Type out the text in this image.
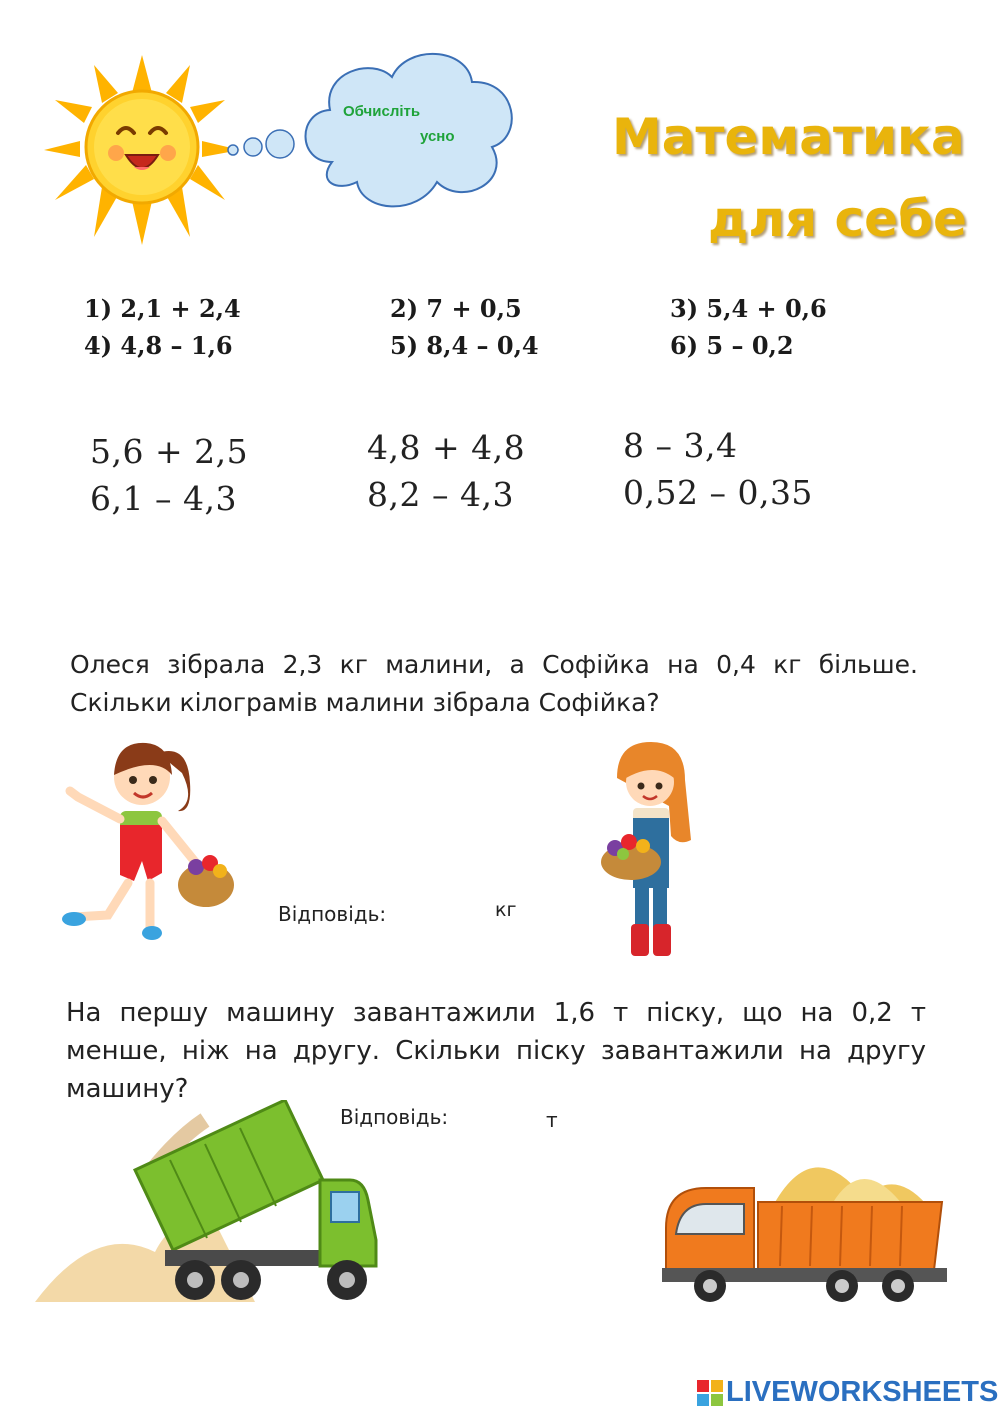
Обчисліть
усно	Математика
для себе
1) 2,1 + 2,4	2) 7 + 0,5	3) 5,4 + 0,6
4) 4,8 – 1,6	5) 8,4 – 0,4	6) 5 – 0,2
5,6 + 2,5	4,8 + 4,8	8 – 3,4
6,1 – 4,3	8,2 – 4,3	0,52 – 0,35
Олеся зібрала 2,3 кг малини, а Софійка на 0,4 кг більше. Скільки кілограмів малини зібрала Софійка?
Відповідь:	кг
На першу машину завантажили 1,6 т піску, що на 0,2 т менше, ніж на другу. Скільки піску завантажили на другу машину?
Відповідь:	т
LIVEWORKSHEETS
